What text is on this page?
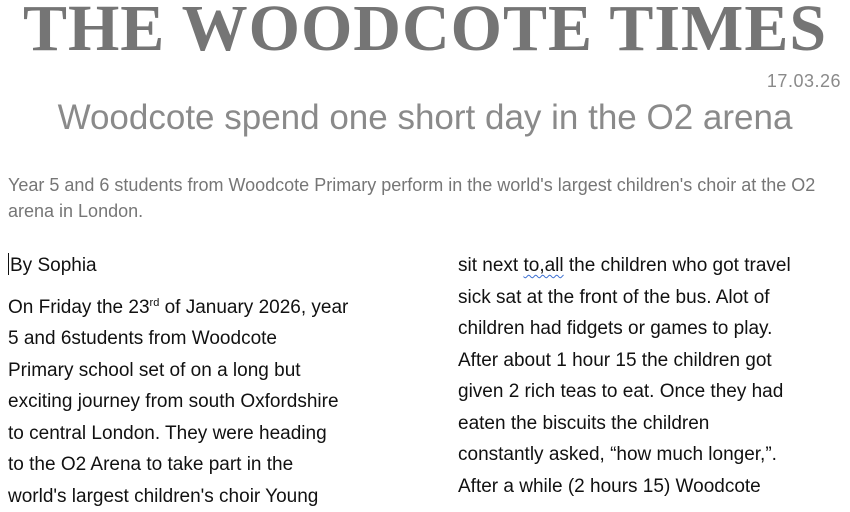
THE WOODCOTE TIMES
17.03.26
Woodcote spend one short day in the O2 arena
Year 5 and 6 students from Woodcote Primary perform in the world's largest children's choir at the O2 arena in London.

By Sophia

On Friday the 23rd of January 2026, year
5 and 6students from Woodcote
Primary school set of on a long but
exciting journey from south Oxfordshire
to central London. They were heading
to the O2 Arena to take part in the
world's largest children's choir Young

sit next to,all the children who got travel
sick sat at the front of the bus. Alot of
children had fidgets or games to play.
After about 1 hour 15 the children got
given 2 rich teas to eat. Once they had
eaten the biscuits the children
constantly asked, “how much longer,”.
After a while (2 hours 15) Woodcote
